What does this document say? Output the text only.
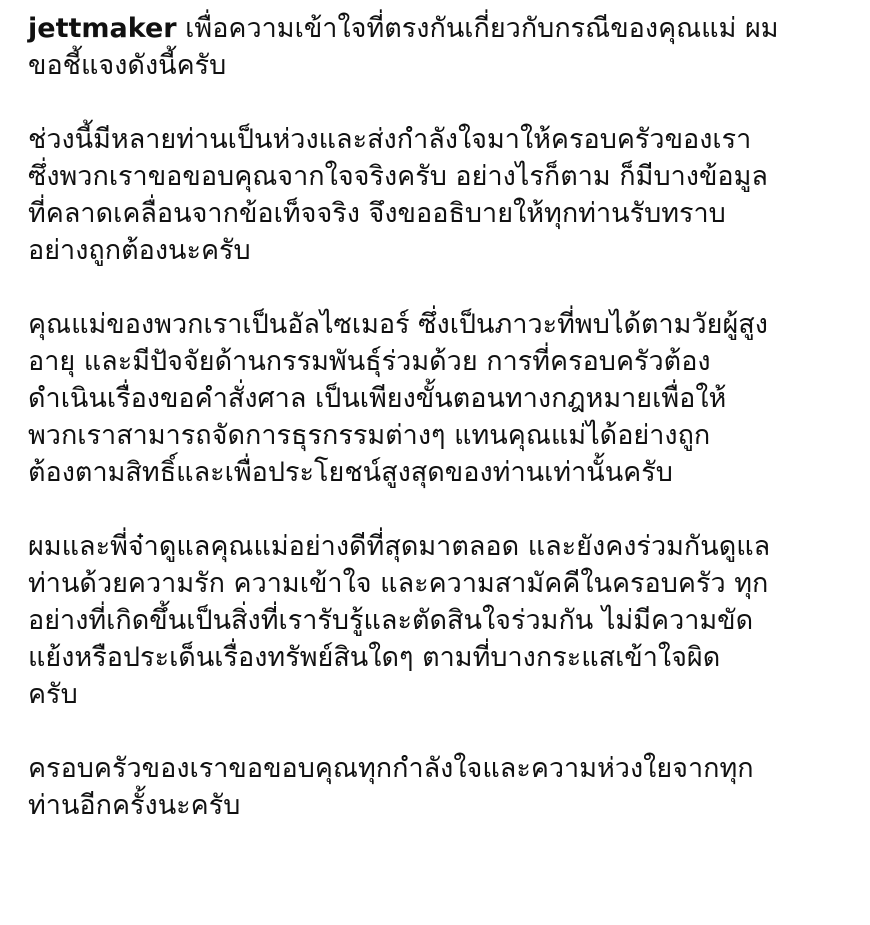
jettmaker เพื่อความเข้าใจที่ตรงกันเกี่ยวกับกรณีของคุณแม่ ผม
ขอชี้แจงดังนี้ครับ

ช่วงนี้มีหลายท่านเป็นห่วงและส่งกำลังใจมาให้ครอบครัวของเรา
ซึ่งพวกเราขอขอบคุณจากใจจริงครับ อย่างไรก็ตาม ก็มีบางข้อมูล
ที่คลาดเคลื่อนจากข้อเท็จจริง จึงขออธิบายให้ทุกท่านรับทราบ
อย่างถูกต้องนะครับ

คุณแม่ของพวกเราเป็นอัลไซเมอร์ ซึ่งเป็นภาวะที่พบได้ตามวัยผู้สูง
อายุ และมีปัจจัยด้านกรรมพันธุ์ร่วมด้วย การที่ครอบครัวต้อง
ดำเนินเรื่องขอคำสั่งศาล เป็นเพียงขั้นตอนทางกฎหมายเพื่อให้
พวกเราสามารถจัดการธุรกรรมต่างๆ แทนคุณแม่ได้อย่างถูก
ต้องตามสิทธิ์และเพื่อประโยชน์สูงสุดของท่านเท่านั้นครับ

ผมและพี่จ๋าดูแลคุณแม่อย่างดีที่สุดมาตลอด และยังคงร่วมกันดูแล
ท่านด้วยความรัก ความเข้าใจ และความสามัคคีในครอบครัว ทุก
อย่างที่เกิดขึ้นเป็นสิ่งที่เรารับรู้และตัดสินใจร่วมกัน ไม่มีความขัด
แย้งหรือประเด็นเรื่องทรัพย์สินใดๆ ตามที่บางกระแสเข้าใจผิด
ครับ

ครอบครัวของเราขอขอบคุณทุกกำลังใจและความห่วงใยจากทุก
ท่านอีกครั้งนะครับ
